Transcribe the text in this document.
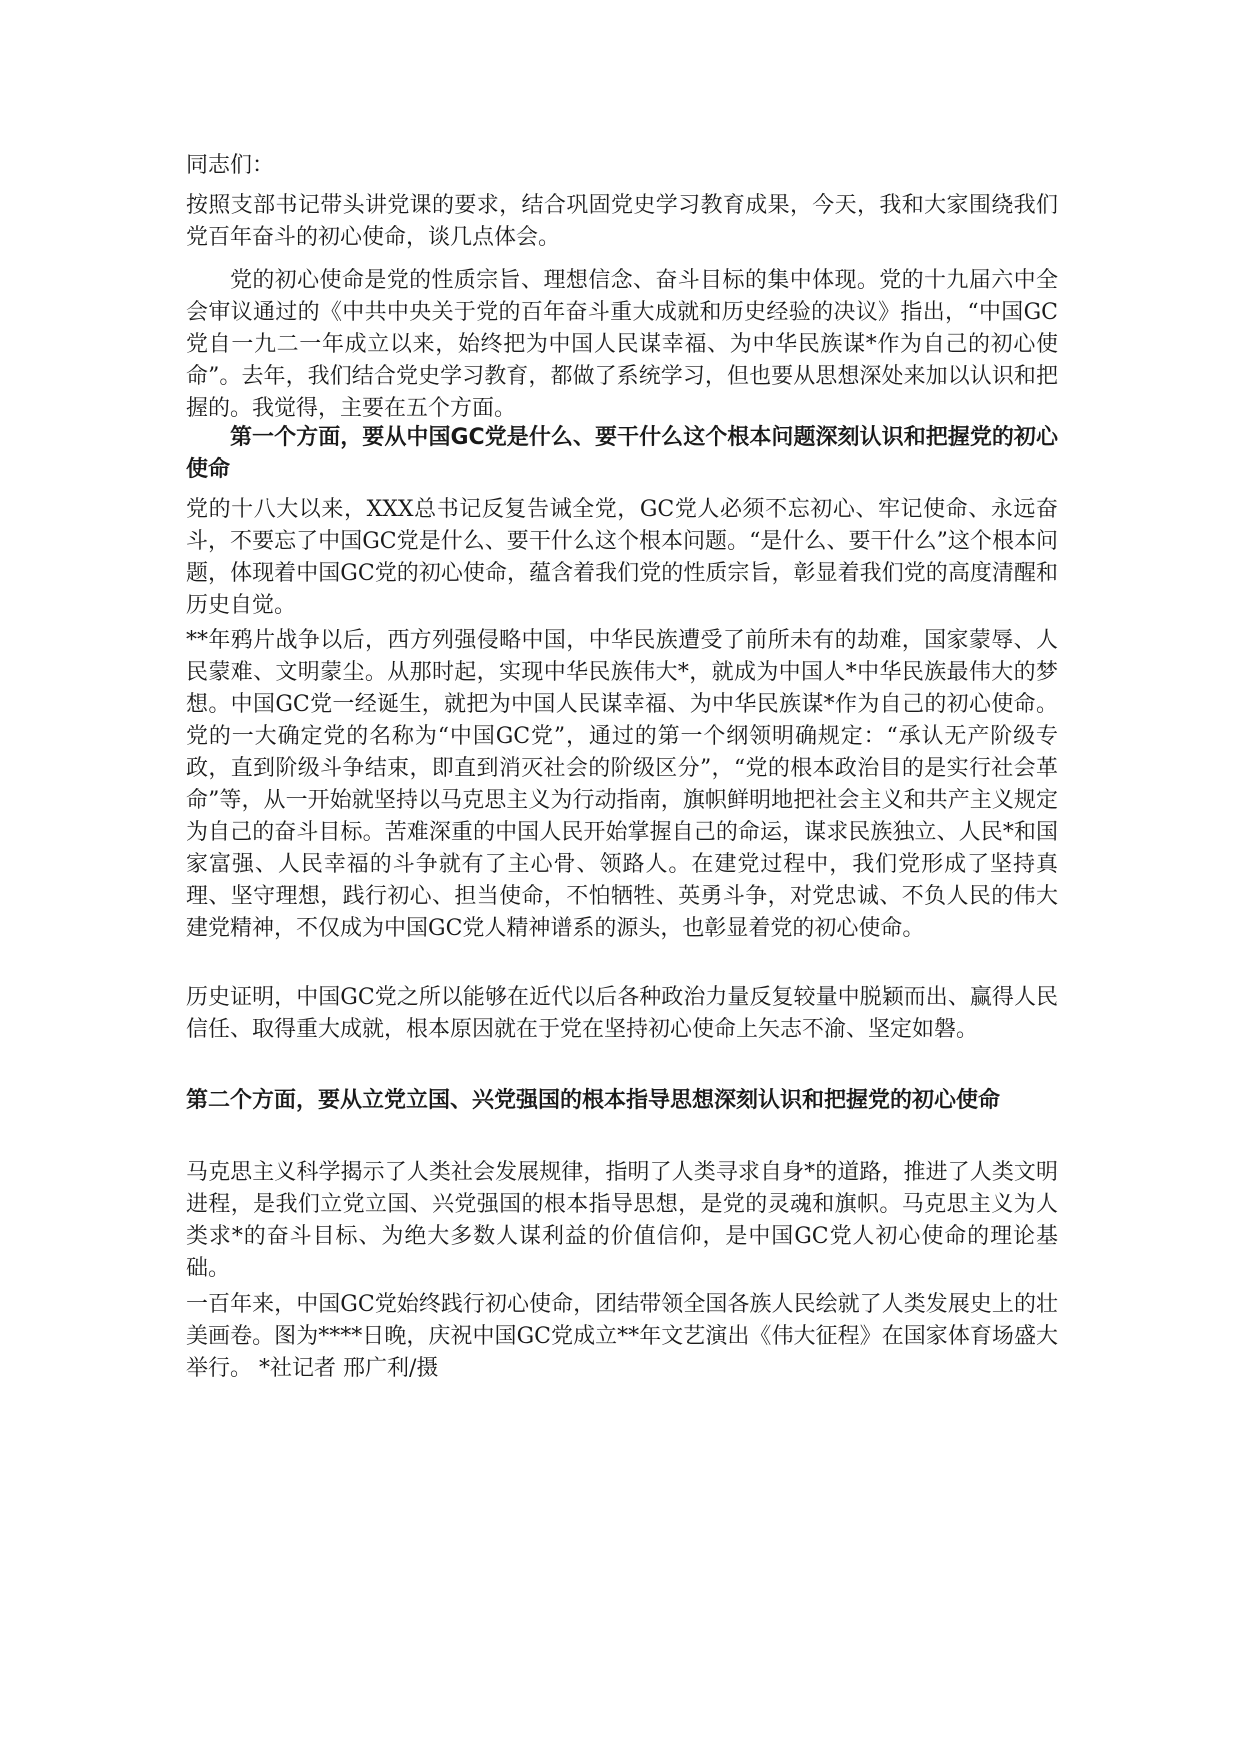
同志们：

按照支部书记带头讲党课的要求，结合巩固党史学习教育成果，今天，我和大家围绕我们党百年奋斗的初心使命，谈几点体会。

党的初心使命是党的性质宗旨、理想信念、奋斗目标的集中体现。党的十九届六中全会审议通过的《中共中央关于党的百年奋斗重大成就和历史经验的决议》指出，“中国GC党自一九二一年成立以来，始终把为中国人民谋幸福、为中华民族谋*作为自己的初心使命”。去年，我们结合党史学习教育，都做了系统学习，但也要从思想深处来加以认识和把握的。我觉得，主要在五个方面。

第一个方面，要从中国GC党是什么、要干什么这个根本问题深刻认识和把握党的初心使命

党的十八大以来，XXX总书记反复告诫全党，GC党人必须不忘初心、牢记使命、永远奋斗，不要忘了中国GC党是什么、要干什么这个根本问题。“是什么、要干什么”这个根本问题，体现着中国GC党的初心使命，蕴含着我们党的性质宗旨，彰显着我们党的高度清醒和历史自觉。

**年鸦片战争以后，西方列强侵略中国，中华民族遭受了前所未有的劫难，国家蒙辱、人民蒙难、文明蒙尘。从那时起，实现中华民族伟大*，就成为中国人*中华民族最伟大的梦想。中国GC党一经诞生，就把为中国人民谋幸福、为中华民族谋*作为自己的初心使命。党的一大确定党的名称为“中国GC党”，通过的第一个纲领明确规定：“承认无产阶级专政，直到阶级斗争结束，即直到消灭社会的阶级区分”，“党的根本政治目的是实行社会革命”等，从一开始就坚持以马克思主义为行动指南，旗帜鲜明地把社会主义和共产主义规定为自己的奋斗目标。苦难深重的中国人民开始掌握自己的命运，谋求民族独立、人民*和国家富强、人民幸福的斗争就有了主心骨、领路人。在建党过程中，我们党形成了坚持真理、坚守理想，践行初心、担当使命，不怕牺牲、英勇斗争，对党忠诚、不负人民的伟大建党精神，不仅成为中国GC党人精神谱系的源头，也彰显着党的初心使命。

历史证明，中国GC党之所以能够在近代以后各种政治力量反复较量中脱颖而出、赢得人民信任、取得重大成就，根本原因就在于党在坚持初心使命上矢志不渝、坚定如磐。

第二个方面，要从立党立国、兴党强国的根本指导思想深刻认识和把握党的初心使命

马克思主义科学揭示了人类社会发展规律，指明了人类寻求自身*的道路，推进了人类文明进程，是我们立党立国、兴党强国的根本指导思想，是党的灵魂和旗帜。马克思主义为人类求*的奋斗目标、为绝大多数人谋利益的价值信仰，是中国GC党人初心使命的理论基础。

一百年来，中国GC党始终践行初心使命，团结带领全国各族人民绘就了人类发展史上的壮美画卷。图为****日晚，庆祝中国GC党成立**年文艺演出《伟大征程》在国家体育场盛大举行。 *社记者 邢广利/摄
